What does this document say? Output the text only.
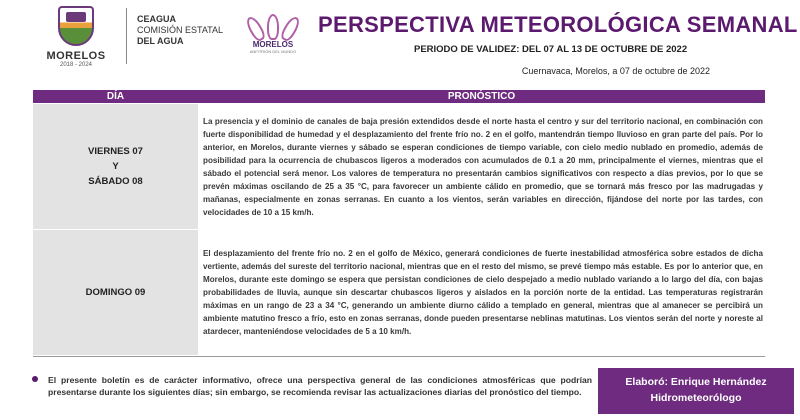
MORELOS
2018 - 2024
CEAGUA
COMISIÓN ESTATAL
DEL AGUA	MORELOS
ANFITRIÓN DEL MUNDO
PERSPECTIVA METEOROLÓGICA SEMANAL
PERIODO DE VALIDEZ: DEL 07 AL 13 DE OCTUBRE DE 2022
Cuernavaca, Morelos, a 07 de octubre de 2022
DÍA	PRONÓSTICO
VIERNES 07
Y
SÁBADO 08

La presencia y el dominio de canales de baja presión extendidos desde el norte hasta el centro y sur del territorio nacional, en combinación con fuerte disponibilidad de humedad y el desplazamiento del frente frío no. 2 en el golfo, mantendrán tiempo lluvioso en gran parte del país. Por lo anterior, en Morelos, durante viernes y sábado se esperan condiciones de tiempo variable, con cielo medio nublado en promedio, además de posibilidad para la ocurrencia de chubascos ligeros a moderados con acumulados de 0.1 a 20 mm, principalmente el viernes, mientras que el sábado el potencial será menor. Los valores de temperatura no presentarán cambios significativos con respecto a días previos, por lo que se prevén máximas oscilando de 25 a 35 °C, para favorecer un ambiente cálido en promedio, que se tornará más fresco por las madrugadas y mañanas, especialmente en zonas serranas. En cuanto a los vientos, serán variables en dirección, fijándose del norte por las tardes, con velocidades de 10 a 15 km/h.

DOMINGO 09

El desplazamiento del frente frío no. 2 en el golfo de México, generará condiciones de fuerte inestabilidad atmosférica sobre estados de dicha vertiente, además del sureste del territorio nacional, mientras que en el resto del mismo, se prevé tiempo más estable. Es por lo anterior que, en Morelos, durante este domingo se espera que persistan condiciones de cielo despejado a medio nublado variando a lo largo del día, con bajas probabilidades de lluvia, aunque sin descartar chubascos ligeros y aislados en la porción norte de la entidad. Las temperaturas registrarán máximas en un rango de 23 a 34 °C, generando un ambiente diurno cálido a templado en general, mientras que al amanecer se percibirá un ambiente matutino fresco a frío, esto en zonas serranas, donde pueden presentarse neblinas matutinas. Los vientos serán del norte y noreste al atardecer, manteniéndose velocidades de 5 a 10 km/h.

El presente boletín es de carácter informativo, ofrece una perspectiva general de las condiciones atmosféricas que podrían presentarse durante los siguientes días; sin embargo, se recomienda revisar las actualizaciones diarias del pronóstico del tiempo.
Elaboró: Enrique Hernández
Hidrometeorólogo
